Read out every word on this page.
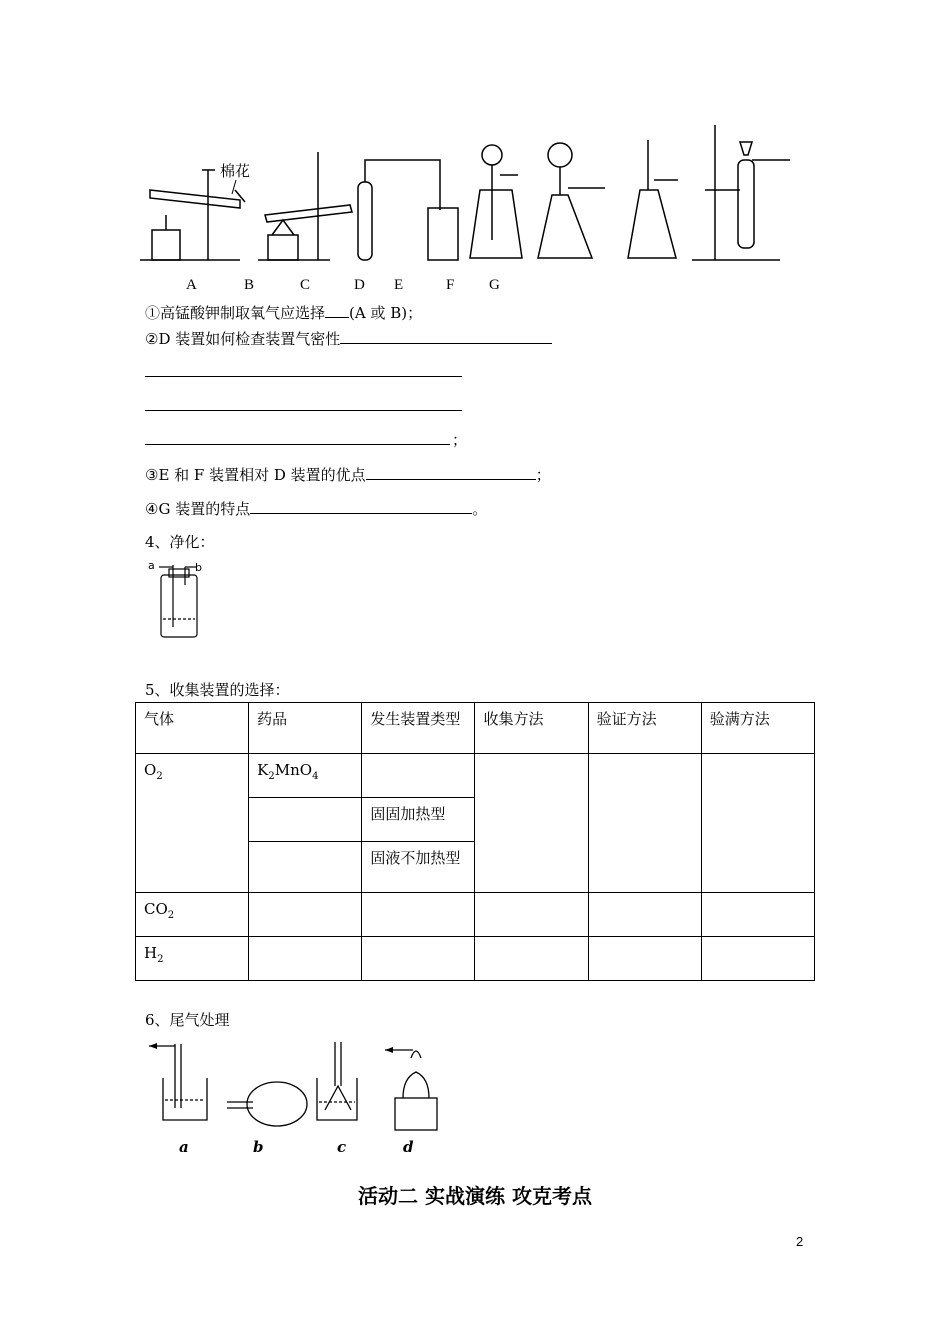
棉花
A	B	C	D E	F G
①高锰酸钾制取氧气应选择 (A 或 B)；
②D 装置如何检查装置气密性
；
③E 和 F 装置相对 D 装置的优点	；
④G 装置的特点	。
4、净化：
a	b
5、收集装置的选择：
气体	药品	发生装置类型	收集方法	验证方法	验满方法
$O_2$	$K_2MnO_4$				
		固固加热型			
		固液不加热型			
$CO_2$					
$H_2$					
6、尾气处理
a	b	c	d
活动二 实战演练 攻克考点
2
